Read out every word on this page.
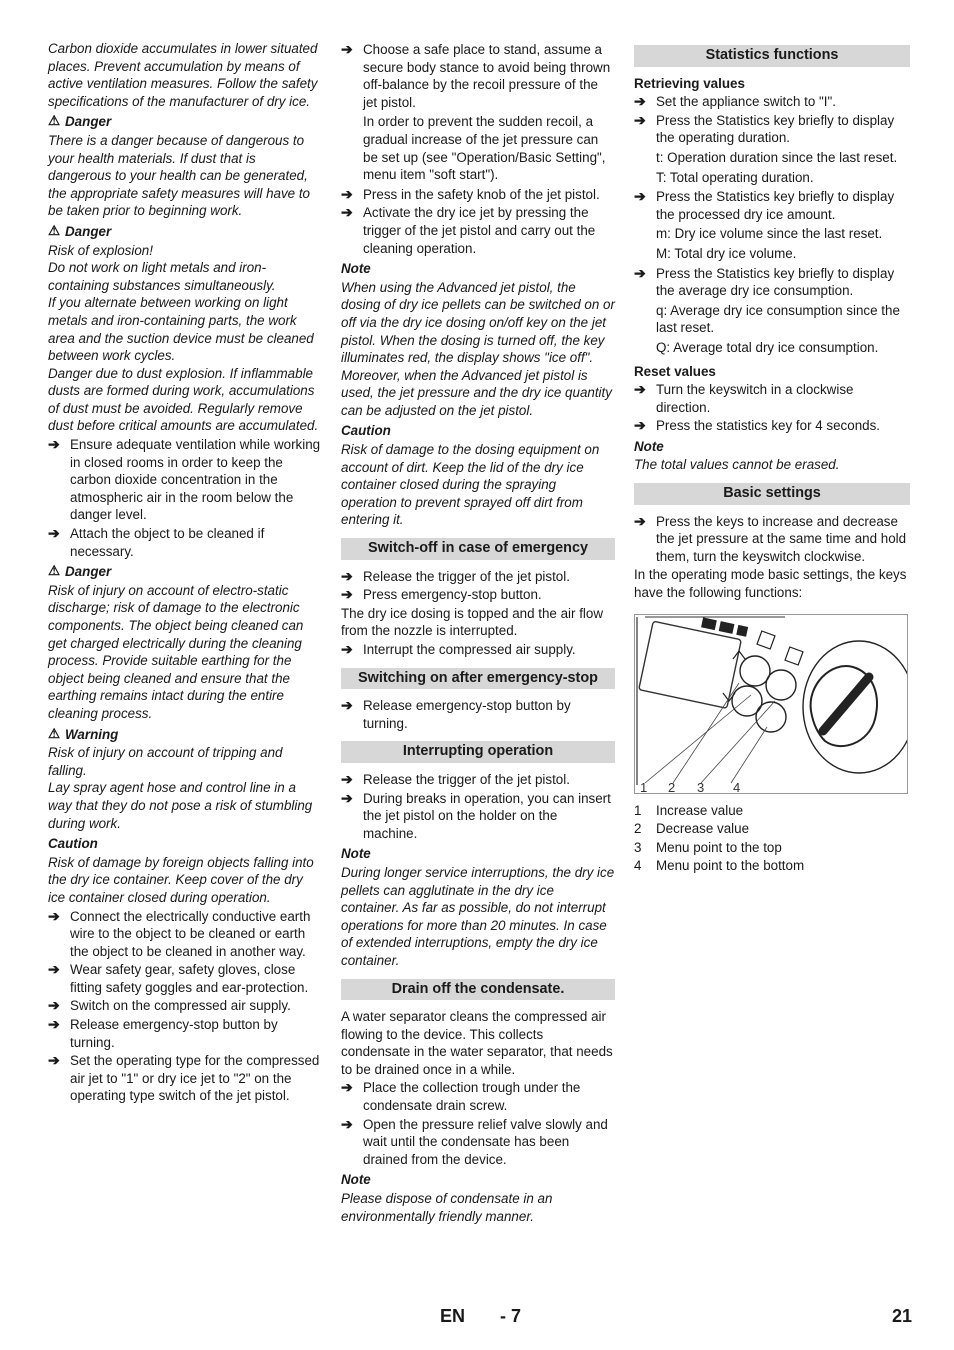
Carbon dioxide accumulates in lower situated places. Prevent accumulation by means of active ventilation measures. Follow the safety specifications of the manufacturer of dry ice.

⚠ Danger

There is a danger because of dangerous to your health materials. If dust that is dangerous to your health can be generated, the appropriate safety measures will have to be taken prior to beginning work.

⚠ Danger

Risk of explosion!
Do not work on light metals and iron-containing substances simultaneously.
If you alternate between working on light metals and iron-containing parts, the work area and the suction device must be cleaned between work cycles.
Danger due to dust explosion. If inflammable dusts are formed during work, accumulations of dust must be avoided. Regularly remove dust before critical amounts are accumulated.

➔ Ensure adequate ventilation while working in closed rooms in order to keep the carbon dioxide concentration in the atmospheric air in the room below the danger level.
➔ Attach the object to be cleaned if necessary.

⚠ Danger

Risk of injury on account of electro-static discharge; risk of damage to the electronic components. The object being cleaned can get charged electrically during the cleaning process. Provide suitable earthing for the object being cleaned and ensure that the earthing remains intact during the entire cleaning process.

⚠ Warning

Risk of injury on account of tripping and falling.
Lay spray agent hose and control line in a way that they do not pose a risk of stumbling during work.

Caution

Risk of damage by foreign objects falling into the dry ice container. Keep cover of the dry ice container closed during operation.

➔ Connect the electrically conductive earth wire to the object to be cleaned or earth the object to be cleaned in another way.
➔ Wear safety gear, safety gloves, close fitting safety goggles and ear-protection.
➔ Switch on the compressed air supply.
➔ Release emergency-stop button by turning.
➔ Set the operating type for the compressed air jet to "1" or dry ice jet to "2" on the operating type switch of the jet pistol.
➔ Choose a safe place to stand, assume a secure body stance to avoid being thrown off-balance by the recoil pressure of the jet pistol.

In order to prevent the sudden recoil, a gradual increase of the jet pressure can be set up (see "Operation/Basic Setting", menu item "soft start").

➔ Press in the safety knob of the jet pistol.
➔ Activate the dry ice jet by pressing the trigger of the jet pistol and carry out the cleaning operation.

Note

When using the Advanced jet pistol, the dosing of dry ice pellets can be switched on or off via the dry ice dosing on/off key on the jet pistol. When the dosing is turned off, the key illuminates red, the display shows "ice off".
Moreover, when the Advanced jet pistol is used, the jet pressure and the dry ice quantity can be adjusted on the jet pistol.

Caution

Risk of damage to the dosing equipment on account of dirt. Keep the lid of the dry ice container closed during the spraying operation to prevent sprayed off dirt from entering it.

Switch-off in case of emergency
➔ Release the trigger of the jet pistol.
➔ Press emergency-stop button.

The dry ice dosing is topped and the air flow from the nozzle is interrupted.

➔ Interrupt the compressed air supply.
Switching on after emergency-stop
➔ Release emergency-stop button by turning.
Interrupting operation
➔ Release the trigger of the jet pistol.
➔ During breaks in operation, you can insert the jet pistol on the holder on the machine.

Note

During longer service interruptions, the dry ice pellets can agglutinate in the dry ice container. As far as possible, do not interrupt operations for more than 20 minutes. In case of extended interruptions, empty the dry ice container.

Drain off the condensate.

A water separator cleans the compressed air flowing to the device. This collects condensate in the water separator, that needs to be drained once in a while.

➔ Place the collection trough under the condensate drain screw.
➔ Open the pressure relief valve slowly and wait until the condensate has been drained from the device.

Note

Please dispose of condensate in an environmentally friendly manner.

Statistics functions

Retrieving values

➔ Set the appliance switch to "I".
➔ Press the Statistics key briefly to display the operating duration.

t: Operation duration since the last reset.

T: Total operating duration.

➔ Press the Statistics key briefly to display the processed dry ice amount.

m: Dry ice volume since the last reset.

M: Total dry ice volume.

➔ Press the Statistics key briefly to display the average dry ice consumption.

q: Average dry ice consumption since the last reset.

Q: Average total dry ice consumption.

Reset values

➔ Turn the keyswitch in a clockwise direction.
➔ Press the statistics key for 4 seconds.

Note

The total values cannot be erased.

Basic settings
➔ Press the keys to increase and decrease the jet pressure at the same time and hold them, turn the keyswitch clockwise.

In the operating mode basic settings, the keys have the following functions:

1 2 3 4
1 Increase value
2 Decrease value
3 Menu point to the top
4 Menu point to the bottom
EN - 7	21
